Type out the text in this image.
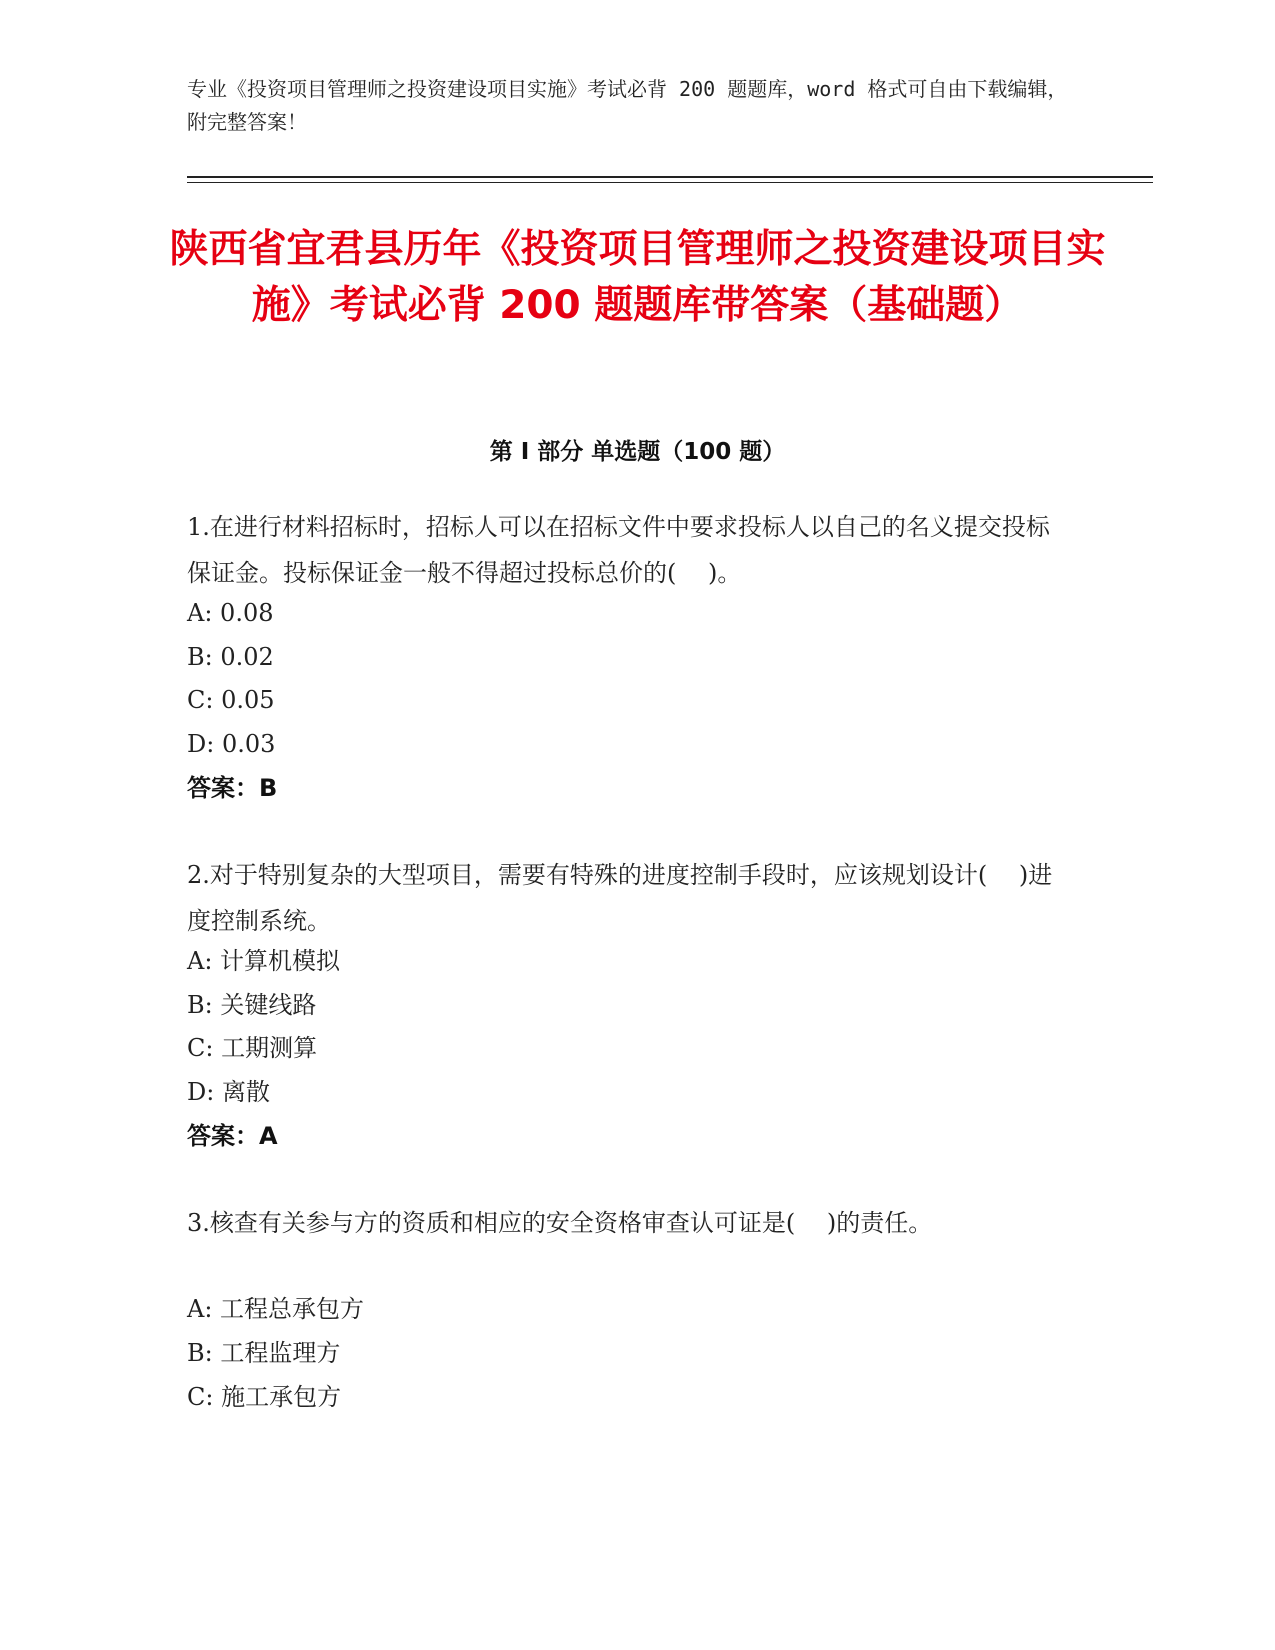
专业《投资项目管理师之投资建设项目实施》考试必背 200 题题库，word 格式可自由下载编辑，附完整答案！
陕西省宜君县历年《投资项目管理师之投资建设项目实施》考试必背 200 题题库带答案（基础题）
第 I 部分 单选题（100 题）

1.在进行材料招标时，招标人可以在招标文件中要求投标人以自己的名义提交投标保证金。投标保证金一般不得超过投标总价的(　 )。

A: 0.08
B: 0.02
C: 0.05
D: 0.03
答案：B

2.对于特别复杂的大型项目，需要有特殊的进度控制手段时，应该规划设计(　 )进度控制系统。

A: 计算机模拟
B: 关键线路
C: 工期测算
D: 离散
答案：A

3.核查有关参与方的资质和相应的安全资格审查认可证是(　 )的责任。

A: 工程总承包方
B: 工程监理方
C: 施工承包方
